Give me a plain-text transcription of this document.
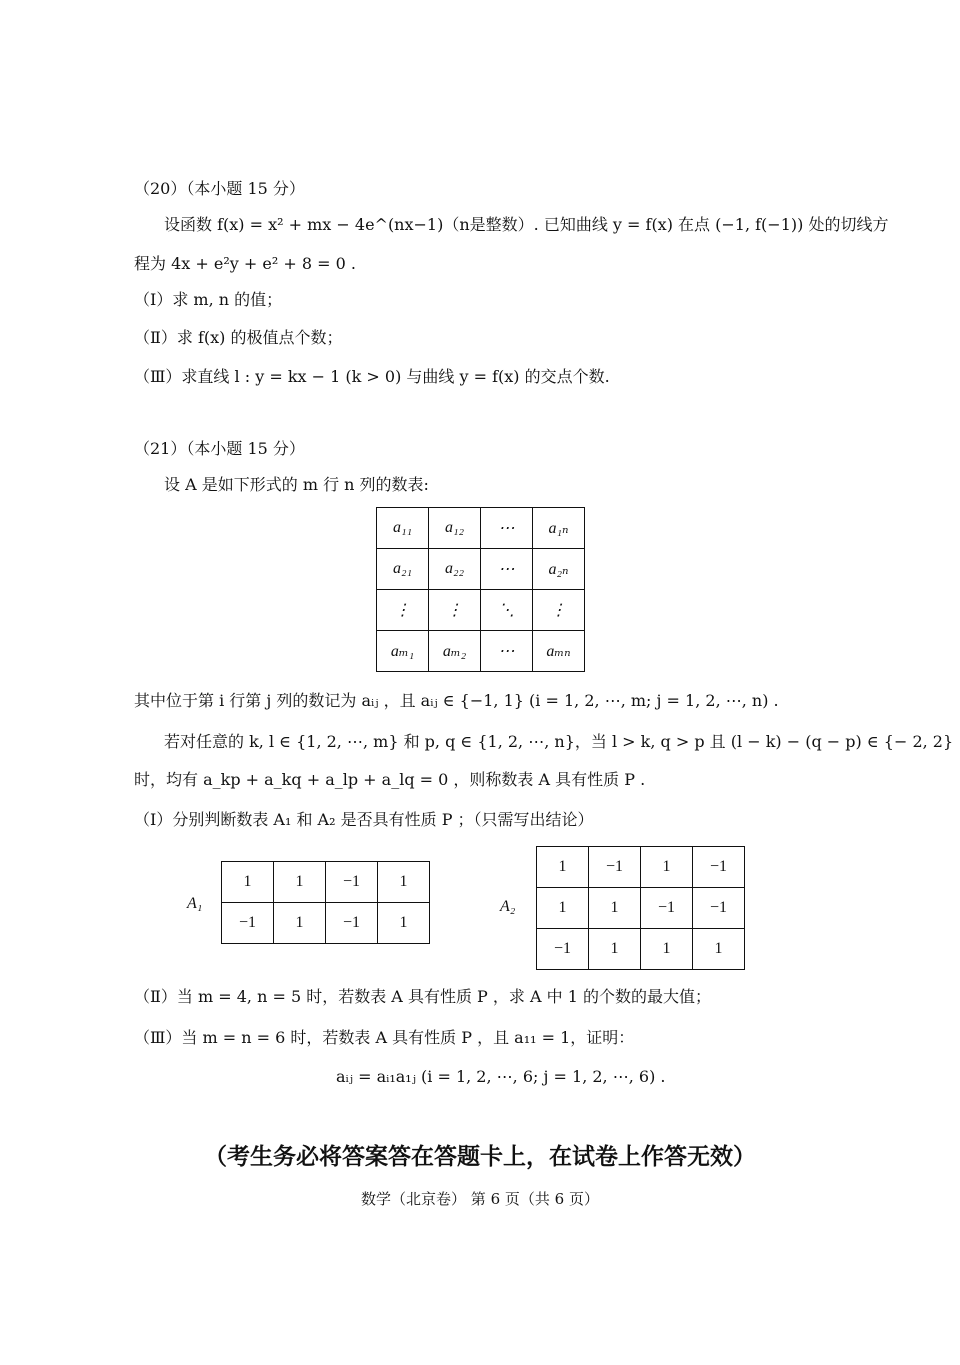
（20）（本小题 15 分）
设函数 f(x) = x² + mx − 4e^(nx−1)（n是整数）. 已知曲线 y = f(x) 在点 (−1, f(−1)) 处的切线方
程为 4x + e²y + e² + 8 = 0 .
（Ⅰ）求 m, n 的值；
（Ⅱ）求 f(x) 的极值点个数；
（Ⅲ）求直线 l : y = kx − 1 (k > 0) 与曲线 y = f(x) 的交点个数.
（21）（本小题 15 分）
设 A 是如下形式的 m 行 n 列的数表:
a₁₁	a₁₂	⋯	a₁ₙ
a₂₁	a₂₂	⋯	a₂ₙ
⋮	⋮	⋱	⋮
aₘ₁	aₘ₂	⋯	aₘₙ
其中位于第 i 行第 j 列的数记为 aᵢⱼ ，且 aᵢⱼ ∈ {−1, 1} (i = 1, 2, ⋯, m; j = 1, 2, ⋯, n) .
若对任意的 k, l ∈ {1, 2, ⋯, m} 和 p, q ∈ {1, 2, ⋯, n}，当 l > k, q > p 且 (l − k) − (q − p) ∈ {− 2, 2}
时，均有 a_kp + a_kq + a_lp + a_lq = 0 ，则称数表 A 具有性质 P .
（Ⅰ）分别判断数表 A₁ 和 A₂ 是否具有性质 P ；（只需写出结论）
A₁
1	1	−1	1
−1	1	−1	1
A₂
1	−1	1	−1
1	1	−1	−1
−1	1	1	1
（Ⅱ）当 m = 4, n = 5 时，若数表 A 具有性质 P ，求 A 中 1 的个数的最大值；
（Ⅲ）当 m = n = 6 时，若数表 A 具有性质 P ，且 a₁₁ = 1，证明：
aᵢⱼ = aᵢ₁a₁ⱼ (i = 1, 2, ⋯, 6; j = 1, 2, ⋯, 6) .
（考生务必将答案答在答题卡上，在试卷上作答无效）
数学（北京卷） 第 6 页（共 6 页）
